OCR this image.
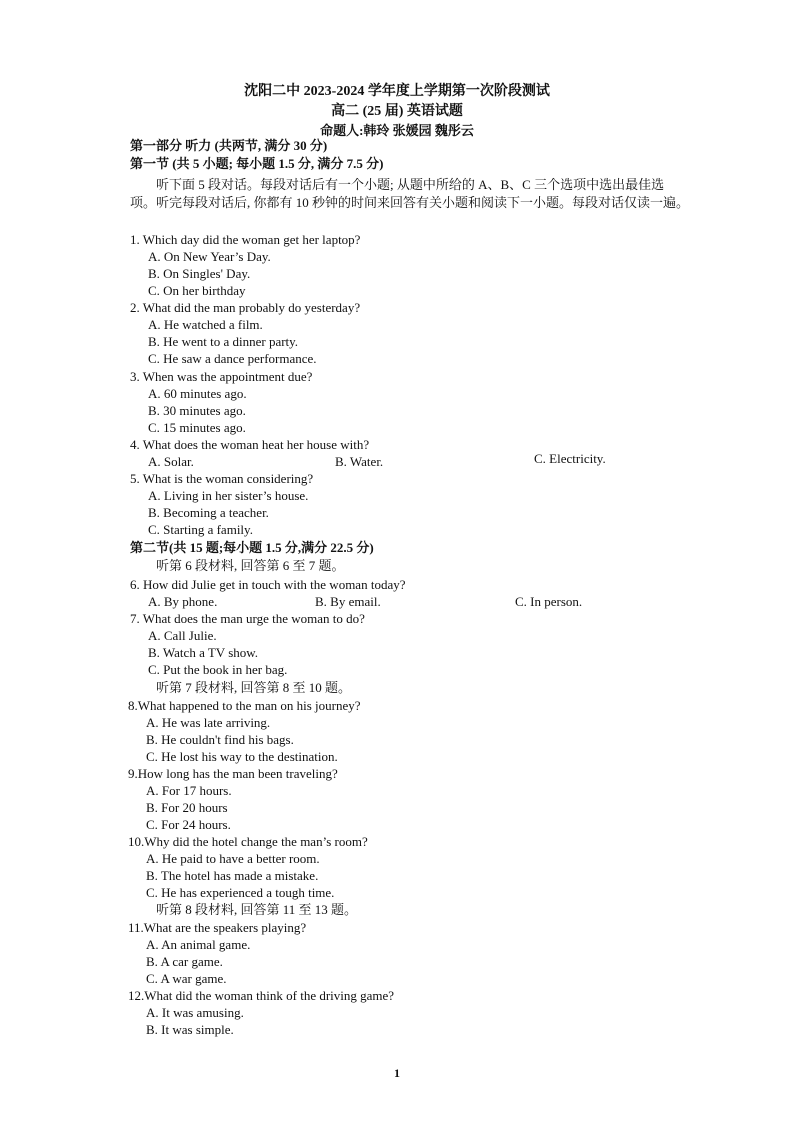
沈阳二中 2023-2024 学年度上学期第一次阶段测试
高二 (25 届) 英语试题
命题人:韩玲 张媛园 魏彤云
第一部分 听力 (共两节, 满分 30 分)
第一节 (共 5 小题; 每小题 1.5 分, 满分 7.5 分)
听下面 5 段对话。每段对话后有一个小题; 从题中所给的 A、B、C 三个选项中选出最佳选项。听完每段对话后, 你都有 10 秒钟的时间来回答有关小题和阅读下一小题。每段对话仅读一遍。
1. Which day did the woman get her laptop?
A. On New Year’s Day.
B. On Singles' Day.
C. On her birthday
2. What did the man probably do yesterday?
A. He watched a film.
B. He went to a dinner party.
C. He saw a dance performance.
3. When was the appointment due?
A. 60 minutes ago.
B. 30 minutes ago.
C. 15 minutes ago.
4. What does the woman heat her house with?
A. Solar.	B. Water.	C. Electricity.
5. What is the woman considering?
A. Living in her sister’s house.
B. Becoming a teacher.
C. Starting a family.
第二节(共 15 题;每小题 1.5 分,满分 22.5 分)
听第 6 段材料, 回答第 6 至 7 题。
6. How did Julie get in touch with the woman today?
A. By phone.	B. By email.	C. In person.
7. What does the man urge the woman to do?
A. Call Julie.
B. Watch a TV show.
C. Put the book in her bag.
听第 7 段材料, 回答第 8 至 10 题。
8.What happened to the man on his journey?
A. He was late arriving.
B. He couldn't find his bags.
C. He lost his way to the destination.
9.How long has the man been traveling?
A. For 17 hours.
B. For 20 hours
C. For 24 hours.
10.Why did the hotel change the man’s room?
A. He paid to have a better room.
B. The hotel has made a mistake.
C. He has experienced a tough time.
听第 8 段材料, 回答第 11 至 13 题。
11.What are the speakers playing?
A. An animal game.
B. A car game.
C. A war game.
12.What did the woman think of the driving game?
A. It was amusing.
B. It was simple.
1
